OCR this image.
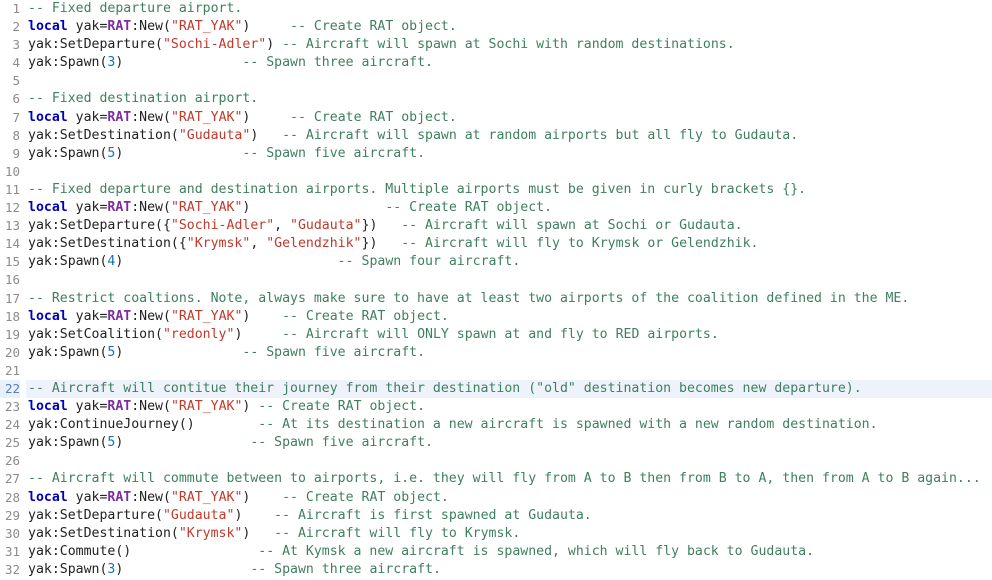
1
2
3
4
5
6
7
8
9
10
11
12
13
14
15
16
17
18
19
20
21
22
23
24
25
26
27
28
29
30
31
32
-- Fixed departure airport.
local yak=RAT:New("RAT_YAK")     -- Create RAT object.
yak:SetDeparture("Sochi-Adler") -- Aircraft will spawn at Sochi with random destinations.
yak:Spawn(3)               -- Spawn three aircraft.

-- Fixed destination airport.
local yak=RAT:New("RAT_YAK")     -- Create RAT object.
yak:SetDestination("Gudauta")   -- Aircraft will spawn at random airports but all fly to Gudauta.
yak:Spawn(5)               -- Spawn five aircraft.

-- Fixed departure and destination airports. Multiple airports must be given in curly brackets {}.
local yak=RAT:New("RAT_YAK")                 -- Create RAT object.
yak:SetDeparture({"Sochi-Adler", "Gudauta"})   -- Aircraft will spawn at Sochi or Gudauta.
yak:SetDestination({"Krymsk", "Gelendzhik"})   -- Aircraft will fly to Krymsk or Gelendzhik.
yak:Spawn(4)                           -- Spawn four aircraft.

-- Restrict coaltions. Note, always make sure to have at least two airports of the coalition defined in the ME.
local yak=RAT:New("RAT_YAK")    -- Create RAT object.
yak:SetCoalition("redonly")     -- Aircraft will ONLY spawn at and fly to RED airports.
yak:Spawn(5)               -- Spawn five aircraft.

-- Aircraft will contitue their journey from their destination ("old" destination becomes new departure).
local yak=RAT:New("RAT_YAK") -- Create RAT object.
yak:ContinueJourney()        -- At its destination a new aircraft is spawned with a new random destination.
yak:Spawn(5)                -- Spawn five aircraft.

-- Aircraft will commute between to airports, i.e. they will fly from A to B then from B to A, then from A to B again...
local yak=RAT:New("RAT_YAK")    -- Create RAT object.
yak:SetDeparture("Gudauta")    -- Aircraft is first spawned at Gudauta.
yak:SetDestination("Krymsk")   -- Aircraft will fly to Krymsk.
yak:Commute()                -- At Kymsk a new aircraft is spawned, which will fly back to Gudauta.
yak:Spawn(3)                -- Spawn three aircraft.
